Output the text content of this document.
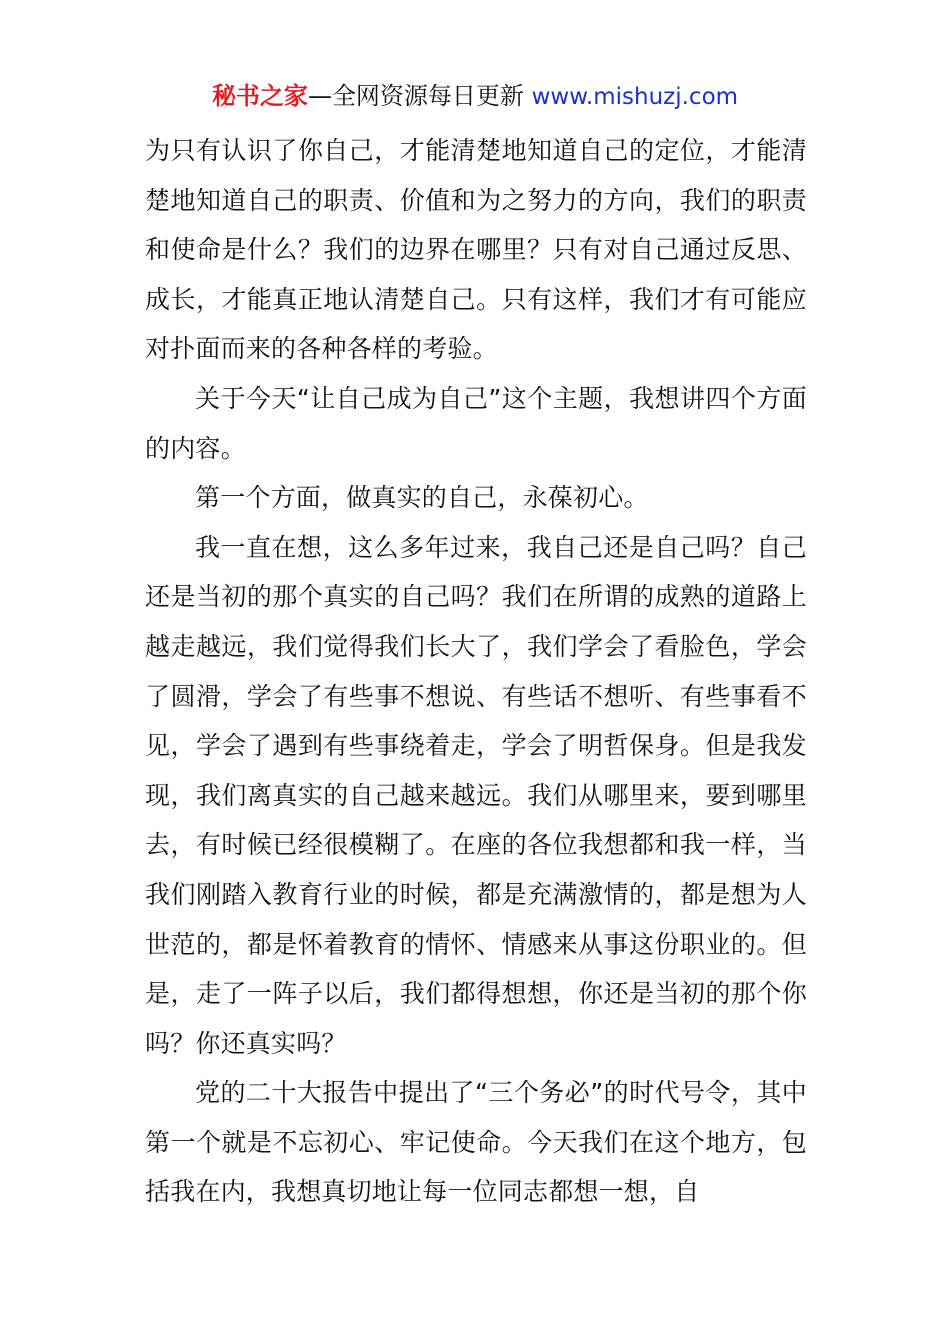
秘书之家—全网资源每日更新 www.mishuzj.com

为只有认识了你自己，才能清楚地知道自己的定位，才能清楚地知道自己的职责、价值和为之努力的方向，我们的职责和使命是什么？我们的边界在哪里？只有对自己通过反思、成长，才能真正地认清楚自己。只有这样，我们才有可能应对扑面而来的各种各样的考验。

关于今天“让自己成为自己”这个主题，我想讲四个方面的内容。

第一个方面，做真实的自己，永葆初心。

我一直在想，这么多年过来，我自己还是自己吗？自己还是当初的那个真实的自己吗？我们在所谓的成熟的道路上越走越远，我们觉得我们长大了，我们学会了看脸色，学会了圆滑，学会了有些事不想说、有些话不想听、有些事看不见，学会了遇到有些事绕着走，学会了明哲保身。但是我发现，我们离真实的自己越来越远。我们从哪里来，要到哪里去，有时候已经很模糊了。在座的各位我想都和我一样，当我们刚踏入教育行业的时候，都是充满激情的，都是想为人世范的，都是怀着教育的情怀、情感来从事这份职业的。但是，走了一阵子以后，我们都得想想，你还是当初的那个你吗？你还真实吗？

党的二十大报告中提出了“三个务必”的时代号令，其中第一个就是不忘初心、牢记使命。今天我们在这个地方，包括我在内，我想真切地让每一位同志都想一想，自
